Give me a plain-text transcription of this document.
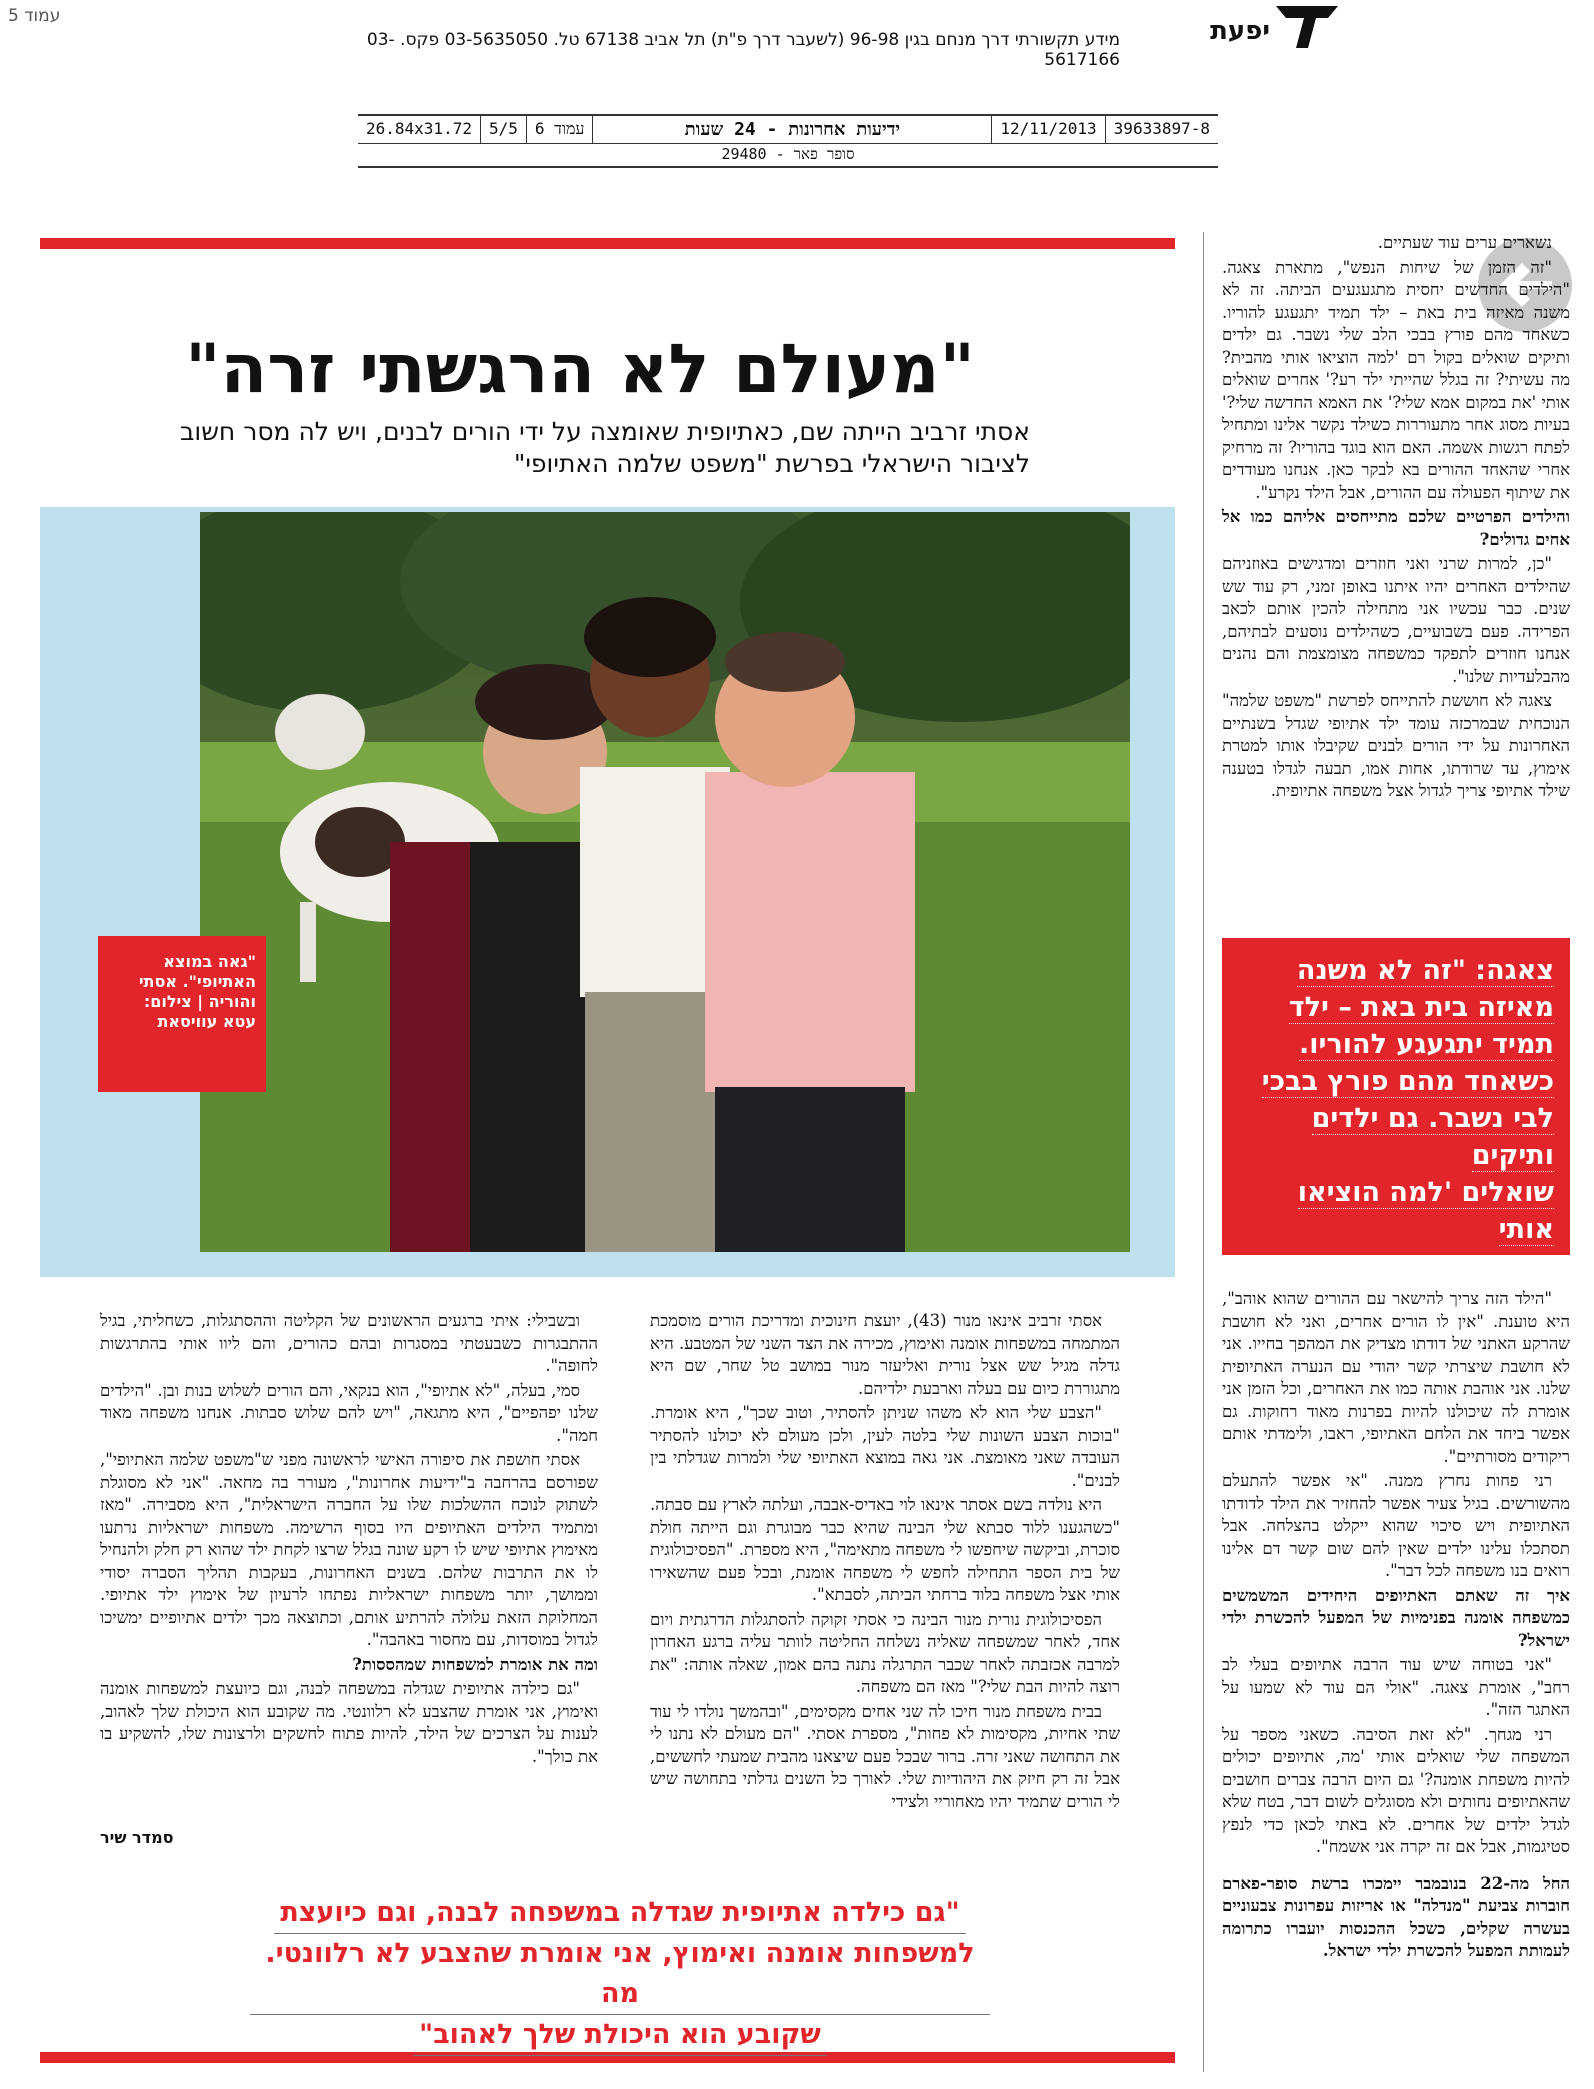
עמוד 5	יפעת
מידע תקשורתי דרך מנחם בגין 96-98 (לשעבר דרך פ"ת) תל אביב 67138 טל. 03-5635050 פקס. 03-5617166
39633897-8
12/11/2013
ידיעות אחרונות - 24 שעות
עמוד 6
5/5
26.84x31.72
סופר פאר - 29480
"מעולם לא הרגשתי זרה"
אסתי זרביב הייתה שם, כאתיופית שאומצה על ידי הורים לבנים, ויש לה מסר חשוב
לציבור הישראלי בפרשת "משפט שלמה האתיופי"
"גאה במוצא האתיופי". אסתי והוריה | צילום: עטא עוויסאת

נשארים ערים עוד שעתיים.

"זה הזמן של שיחות הנפש", מתארת צאגה. "הילדים החדשים יחסית מתגעגעים הביתה. זה לא משנה מאיזה בית באת – ילד תמיד יתגעגע להוריו. כשאחד מהם פורץ בבכי הלב שלי נשבר. גם ילדים ותיקים שואלים בקול רם 'למה הוציאו אותי מהבית? מה עשיתי? זה בגלל שהייתי ילד רע?' אחרים שואלים אותי 'את במקום אמא שלי?' את האמא החדשה שלי?' בעיות מסוג אחר מתעוררות כשילד נקשר אלינו ומתחיל לפתח רגשות אשמה. האם הוא בוגד בהוריו? זה מרחיק אחרי שהאחד ההורים בא לבקר כאן. אנחנו מעודדים את שיתוף הפעולה עם ההורים, אבל הילד נקרע".

והילדים הפרטיים שלכם מתייחסים אליהם כמו אל אחים גדולים?

"כן, למרות שרני ואני חוזרים ומדגישים באוזניהם שהילדים האחרים יהיו איתנו באופן זמני, רק עוד שש שנים. כבר עכשיו אני מתחילה להכין אותם לכאב הפרידה. פעם בשבועיים, כשהילדים נוסעים לבתיהם, אנחנו חוזרים לתפקד כמשפחה מצומצמת והם נהנים מהבלעדיות שלנו".

צאגה לא חוששת להתייחס לפרשת "משפט שלמה" הנוכחית שבמרכזה עומד ילד אתיופי שגדל בשנתיים האחרונות על ידי הורים לבנים שקיבלו אותו למטרת אימוץ, עד שרודתו, אחות אמו, תבעה לגדלו בטענה שילד אתיופי צריך לגדול אצל משפחה אתיופית.

צאגה: "זה לא משנה
מאיזה בית באת – ילד
תמיד יתגעגע להוריו.
כשאחד מהם פורץ בבכי
לבי נשבר. גם ילדים ותיקים
שואלים 'למה הוציאו אותי
מהבית? מה עשיתי?'"

"הילד הזה צריך להישאר עם ההורים שהוא אוהב", היא טוענת. "אין לו הורים אחרים, ואני לא חושבת שהרקע האתני של דודתו מצדיק את המהפך בחייו. אני לא חושבת שיצרתי קשר יהודי עם הנערה האתיופית שלנו. אני אוהבת אותה כמו את האחרים, וכל הזמן אני אומרת לה שיכולנו להיות בפרנות מאוד רחוקות. גם אפשר ביחד את הלחם האתיופי, ראבו, ולימדתי אותם ריקודים מסורתיים".

רני פחות נחרץ ממנה. "אי אפשר להתעלם מהשורשים. בגיל צעיר אפשר להחזיר את הילד לדודתו האתיופית ויש סיכוי שהוא ייקלט בהצלחה. אבל תסתכלו עלינו ילדים שאין להם שום קשר דם אלינו רואים בנו משפחה לכל דבר".

איך זה שאתם האתיופים היחידים המשמשים כמשפחה אומנה בפנימיות של המפעל להכשרת ילדי ישראל?

"אני בטוחה שיש עוד הרבה אתיופים בעלי לב רחב", אומרת צאגה. "אולי הם עוד לא שמעו על האתגר הזה".

רני מגחך. "לא זאת הסיבה. כשאני מספר על המשפחה שלי שואלים אותי 'מה, אתיופים יכולים להיות משפחת אומנה?' גם היום הרבה צברים חושבים שהאתיופים נחותים ולא מסוגלים לשום דבר, בטח שלא לגדל ילדים של אחרים. לא באתי לכאן כדי לנפץ סטיגמות, אבל אם זה יקרה אני אשמח".

החל מה-22 בנובמבר יימכרו ברשת סופר-פארם חוברות צביעת "מנדלה" או אריזות עפרונות צבעוניים בעשרה שקלים, כשכל ההכנסות יועברו כתרומה לעמותת המפעל להכשרת ילדי ישראל.

אסתי זרביב אינאו מנור (43), יועצת חינוכית ומדריכת הורים מוסמכת המתמחה במשפחות אומנה ואימוץ, מכירה את הצד השני של המטבע. היא גדלה מגיל שש אצל נורית ואליעזר מנור במושב טל שחר, שם היא מתגוררת כיום עם בעלה וארבעת ילדיהם.

"הצבע שלי הוא לא משהו שניתן להסתיר, וטוב שכך", היא אומרת. "בוכות הצבע השונות שלי בלטה לעין, ולכן מעולם לא יכולנו להסתיר העובדה שאני מאומצת. אני גאה במוצא האתיופי שלי ולמרות שגדלתי בין לבנים".

היא נולדה בשם אסתר אינאו לוי באדיס-אבבה, ועלתה לארץ עם סבתה. "כשהגענו ללוד סבתא שלי הבינה שהיא כבר מבוגרת וגם הייתה חולת סוכרת, וביקשה שיחפשו לי משפחה מתאימה", היא מספרת. "הפסיכולוגית של בית הספר התחילה לחפש לי משפחה אומנת, ובכל פעם שהשאירו אותי אצל משפחה בלוד ברחתי הביתה, לסבתא".

הפסיכולוגית נורית מנור הבינה כי אסתי זקוקה להסתגלות הדרגתית ויום אחד, לאחר שמשפחה שאליה נשלחה החליטה לוותר עליה ברגע האחרון למרבה אכזבתה לאחר שכבר התרגלה נתנה בהם אמון, שאלה אותה: "את רוצה להיות הבת שלי?" מאז הם משפחה.

בבית משפחת מנור חיכו לה שני אחים מקסימים, "ובהמשך נולדו לי עוד שתי אחיות, מקסימות לא פחות", מספרת אסתי. "הם מעולם לא נתנו לי את התחושה שאני זרה. ברור שבכל פעם שיצאנו מהבית שמעתי לחששים, אבל זה רק חיזק את היהודיות שלי. לאורך כל השנים גדלתי בתחושה שיש לי הורים שתמיד יהיו מאחוריי ולצידי

ובשבילי: איתי ברגעים הראשונים של הקליטה וההסתגלות, כשחליתי, בגיל ההתבגרות כשבעטתי במסגרות ובהם כהורים, והם ליוו אותי בהתרגשות לחופה".

סמי, בעלה, "לא אתיופי", הוא בנקאי, והם הורים לשלוש בנות ובן. "הילדים שלנו יפהפיים", היא מתגאה, "ויש להם שלוש סבתות. אנחנו משפחה מאוד חמה".

אסתי חושפת את סיפורה האישי לראשונה מפני ש"משפט שלמה האתיופי", שפורסם בהרחבה ב"ידיעות אחרונות", מעורר בה מחאה. "אני לא מסוגלת לשתוק לנוכח ההשלכות שלו על החברה הישראלית", היא מסבירה. "מאז ומתמיד הילדים האתיופים היו בסוף הרשימה. משפחות ישראליות נרתעו מאימוץ אתיופי שיש לו רקע שונה בגלל שרצו לקחת ילד שהוא רק חלק ולהנחיל לו את התרבות שלהם. בשנים האחרונות, בעקבות תהליך הסברה יסודי וממושך, יותר משפחות ישראליות נפתחו לרעיון של אימוץ ילד אתיופי. המחלוקת הזאת עלולה להרתיע אותם, וכתוצאה מכך ילדים אתיופיים ימשיכו לגדול במוסדות, עם מחסור באהבה".

ומה את אומרת למשפחות שמהססות?

"גם כילדה אתיופית שגדלה במשפחה לבנה, וגם כיועצת למשפחות אומנה ואימוץ, אני אומרת שהצבע לא רלוונטי. מה שקובע הוא היכולת שלך לאהוב, לענות על הצרכים של הילד, להיות פתוח לחשקים ולרצונות שלו, להשקיע בו את כולך".

סמדר שיר
"גם כילדה אתיופית שגדלה במשפחה לבנה, וגם כיועצת
למשפחות אומנה ואימוץ, אני אומרת שהצבע לא רלוונטי. מה
שקובע הוא היכולת שלך לאהוב"
